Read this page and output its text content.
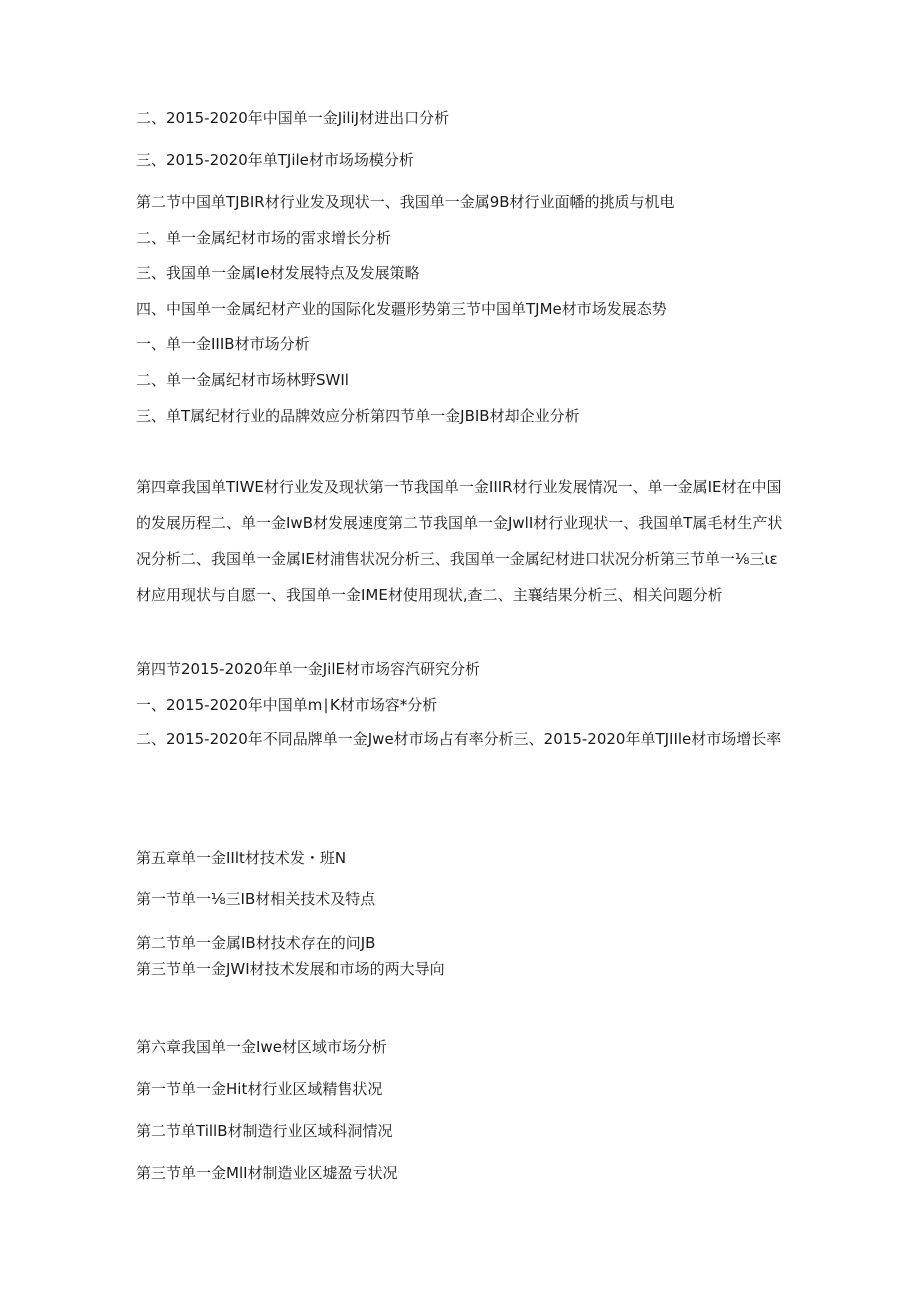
二、2015-2020年中国单一金JiliJ材进出口分析
三、2015-2020年单TJile材市场场模分析
第二节中国单TJBIR材行业发及现状一、我国单一金属9B材行业面幡的挑质与机电
二、单一金属纪材市场的雷求增长分析
三、我国单一金属Ie材发展特点及发展策略
四、中国单一金属纪材产业的国际化发疆形势第三节中国单TJMe材市场发展态势
一、单一金IIIB材市场分析
二、单一金属纪材市场林野SWIl
三、单T属纪材行业的品牌效应分析第四节单一金JBIB材却企业分析
第四章我国单TIWE材行业发及现状第一节我国单一金IIIR材行业发展情况一、单一金属IE材在中国的发展历程二、单一金IwB材发展速度第二节我国单一金JwlI材行业现状一、我国单T属毛材生产状况分析二、我国单一金属IE材浦售状况分析三、我国单一金属纪材进口状况分析第三节单一⅛三ιε材应用现状与自愿一、我国单一金IME材使用现状,查二、主襄结果分析三、相关问题分析
第四节2015-2020年单一金JilE材市场容汽研究分析
一、2015-2020年中国单m∣K材市场容*分析
二、2015-2020年不同品牌单一金Jwe材市场占有率分析三、2015-2020年单TJIIle材市场增长率
第五章单一金IIlt材技术发・班N
第一节单一⅛三IB材相关技术及特点
第二节单一金属IB材技术存在的问JB
第三节单一金JWI材技术发展和市场的两大导向
第六章我国单一金Iwe材区域市场分析
第一节单一金Hit材行业区域精售状况
第二节单TillB材制造行业区域科洞情况
第三节单一金MlI材制造业区墟盈亏状况
